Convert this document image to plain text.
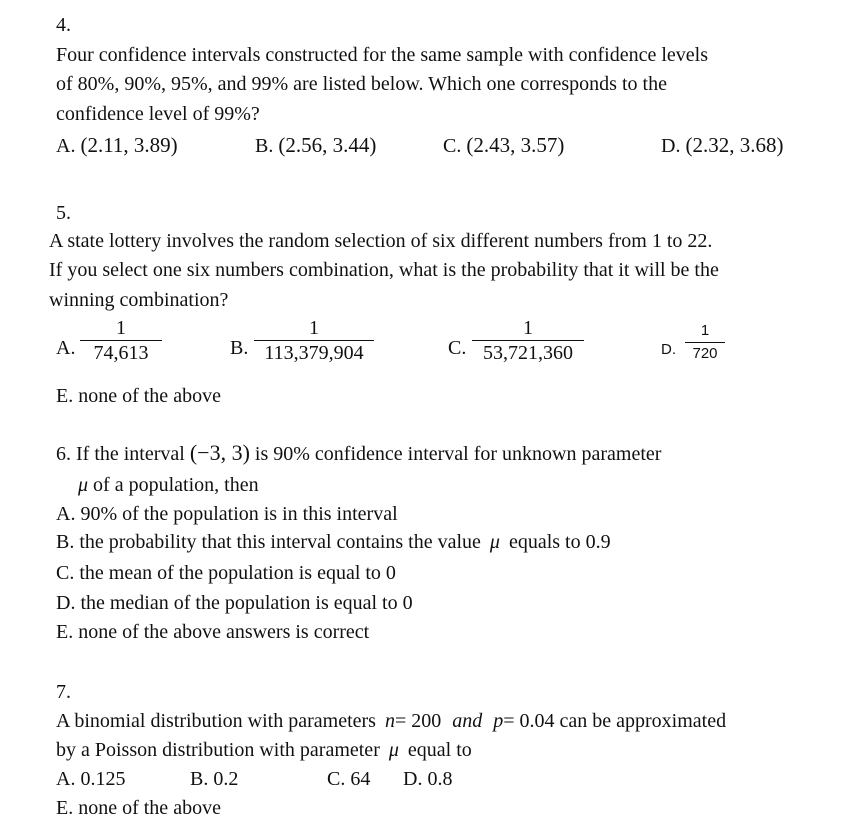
4.
Four confidence intervals constructed for the same sample with confidence levels
of 80%, 90%, 95%, and 99% are listed below. Which one corresponds to the
confidence level of 99%?
A. (2.11, 3.89)	B. (2.56, 3.44)	C. (2.43, 3.57)	D. (2.32, 3.68)
5.
A state lottery involves the random selection of six different numbers from 1 to 22.
If you select one six numbers combination, what is the probability that it will be the
winning combination?
A.
1
74,613	B.
1
113,379,904	C.
1
53,721,360	D.
1
720
E. none of the above
6. If the interval (−3, 3) is 90% confidence interval for unknown parameter
μ of a population, then
A. 90% of the population is in this interval
B. the probability that this interval contains the value μ equals to 0.9
C. the mean of the population is equal to 0
D. the median of the population is equal to 0
E. none of the above answers is correct
7.
A binomial distribution with parameters n= 200 and p= 0.04 can be approximated
by a Poisson distribution with parameter μ equal to
A. 0.125	B. 0.2	C. 64 D. 0.8
E. none of the above
